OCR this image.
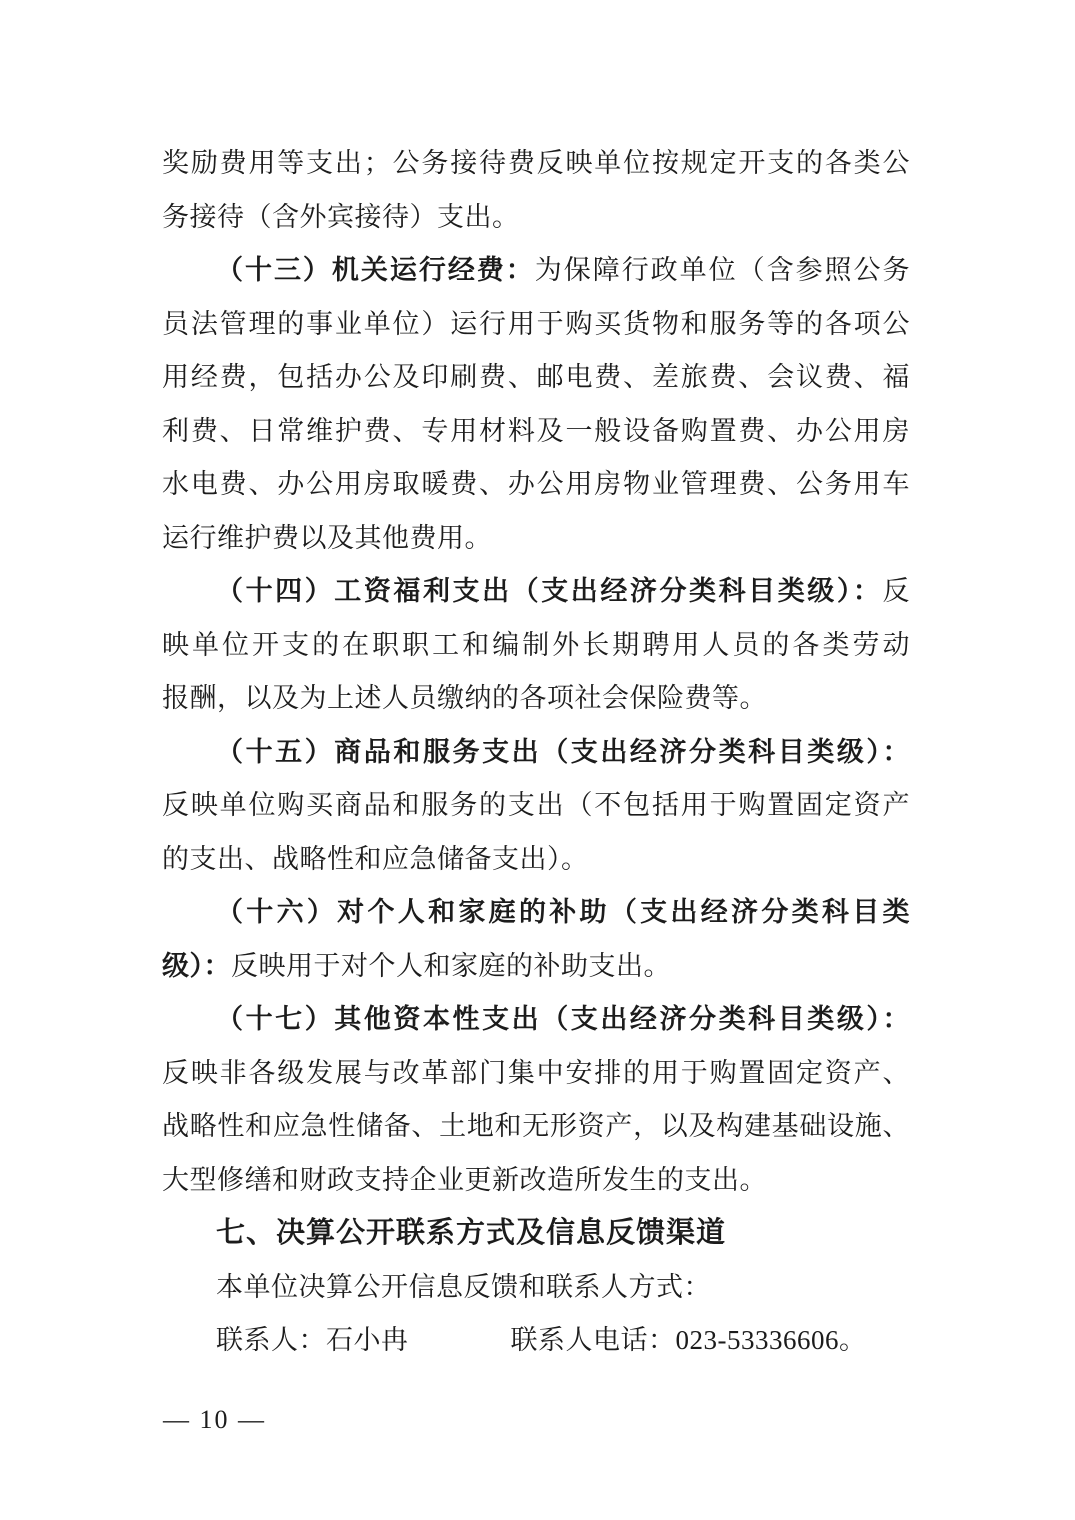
奖励费用等支出；公务接待费反映单位按规定开支的各类公
务接待（含外宾接待）支出。
（十三）机关运行经费：为保障行政单位（含参照公务
员法管理的事业单位）运行用于购买货物和服务等的各项公
用经费，包括办公及印刷费、邮电费、差旅费、会议费、福
利费、日常维护费、专用材料及一般设备购置费、办公用房
水电费、办公用房取暖费、办公用房物业管理费、公务用车
运行维护费以及其他费用。
（十四）工资福利支出（支出经济分类科目类级）：反
映单位开支的在职职工和编制外长期聘用人员的各类劳动
报酬，以及为上述人员缴纳的各项社会保险费等。
（十五）商品和服务支出（支出经济分类科目类级）：
反映单位购买商品和服务的支出（不包括用于购置固定资产
的支出、战略性和应急储备支出）。
（十六）对个人和家庭的补助（支出经济分类科目类
级）：反映用于对个人和家庭的补助支出。
（十七）其他资本性支出（支出经济分类科目类级）：
反映非各级发展与改革部门集中安排的用于购置固定资产、
战略性和应急性储备、土地和无形资产，以及构建基础设施、
大型修缮和财政支持企业更新改造所发生的支出。
七、决算公开联系方式及信息反馈渠道
本单位决算公开信息反馈和联系人方式：
联系人：石小冉	联系人电话：023-53336606。
— 10 —
